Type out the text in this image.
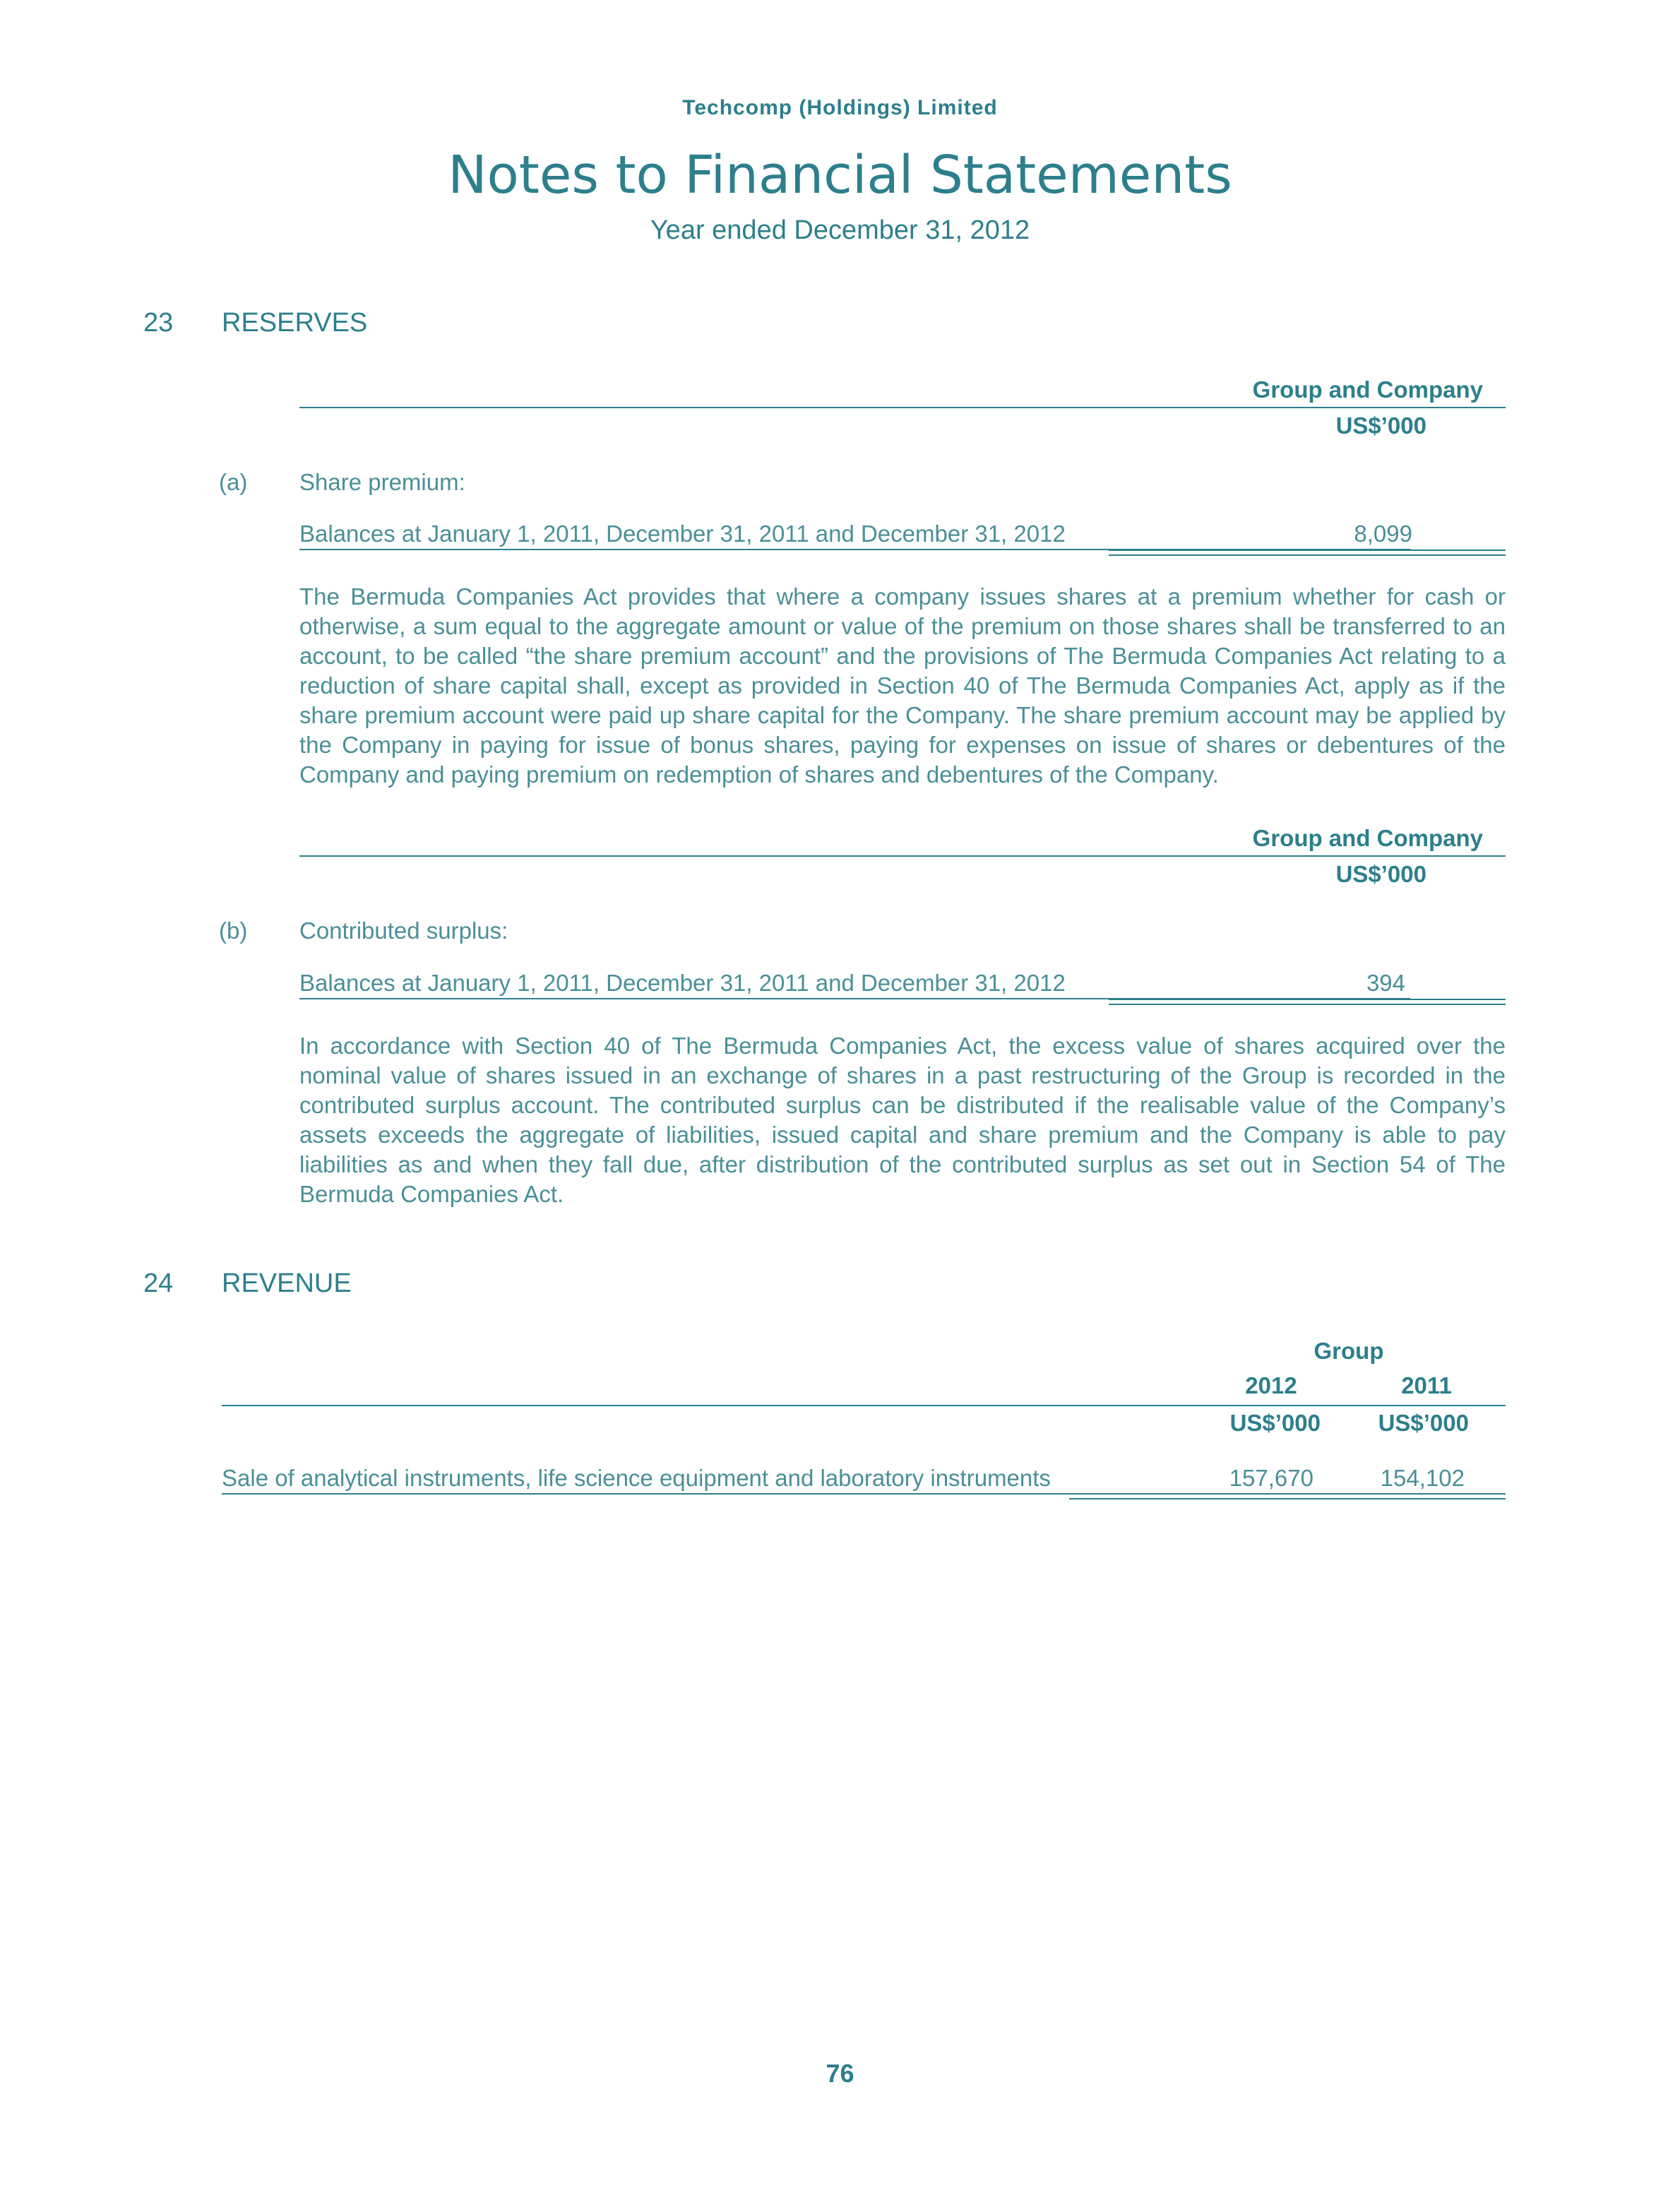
Techcomp (Holdings) Limited
Notes to Financial Statements
Year ended December 31, 2012
23 RESERVES
Group and Company
US$’000
(a) Share premium:
Balances at January 1, 2011, December 31, 2011 and December 31, 2012	8,099
The Bermuda Companies Act provides that where a company issues shares at a premium whether for cash or otherwise, a sum equal to the aggregate amount or value of the premium on those shares shall be transferred to an account, to be called “the share premium account” and the provisions of The Bermuda Companies Act relating to a reduction of share capital shall, except as provided in Section 40 of The Bermuda Companies Act, apply as if the share premium account were paid up share capital for the Company. The share premium account may be applied by the Company in paying for issue of bonus shares, paying for expenses on issue of shares or debentures of the Company and paying premium on redemption of shares and debentures of the Company.
Group and Company
US$’000
(b) Contributed surplus:
Balances at January 1, 2011, December 31, 2011 and December 31, 2012	394
In accordance with Section 40 of The Bermuda Companies Act, the excess value of shares acquired over the nominal value of shares issued in an exchange of shares in a past restructuring of the Group is recorded in the contributed surplus account. The contributed surplus can be distributed if the realisable value of the Company’s assets exceeds the aggregate of liabilities, issued capital and share premium and the Company is able to pay liabilities as and when they fall due, after distribution of the contributed surplus as set out in Section 54 of The Bermuda Companies Act.
24 REVENUE
Group
2012	2011
US$’000	US$’000
Sale of analytical instruments, life science equipment and laboratory instruments	157,670	154,102
76
